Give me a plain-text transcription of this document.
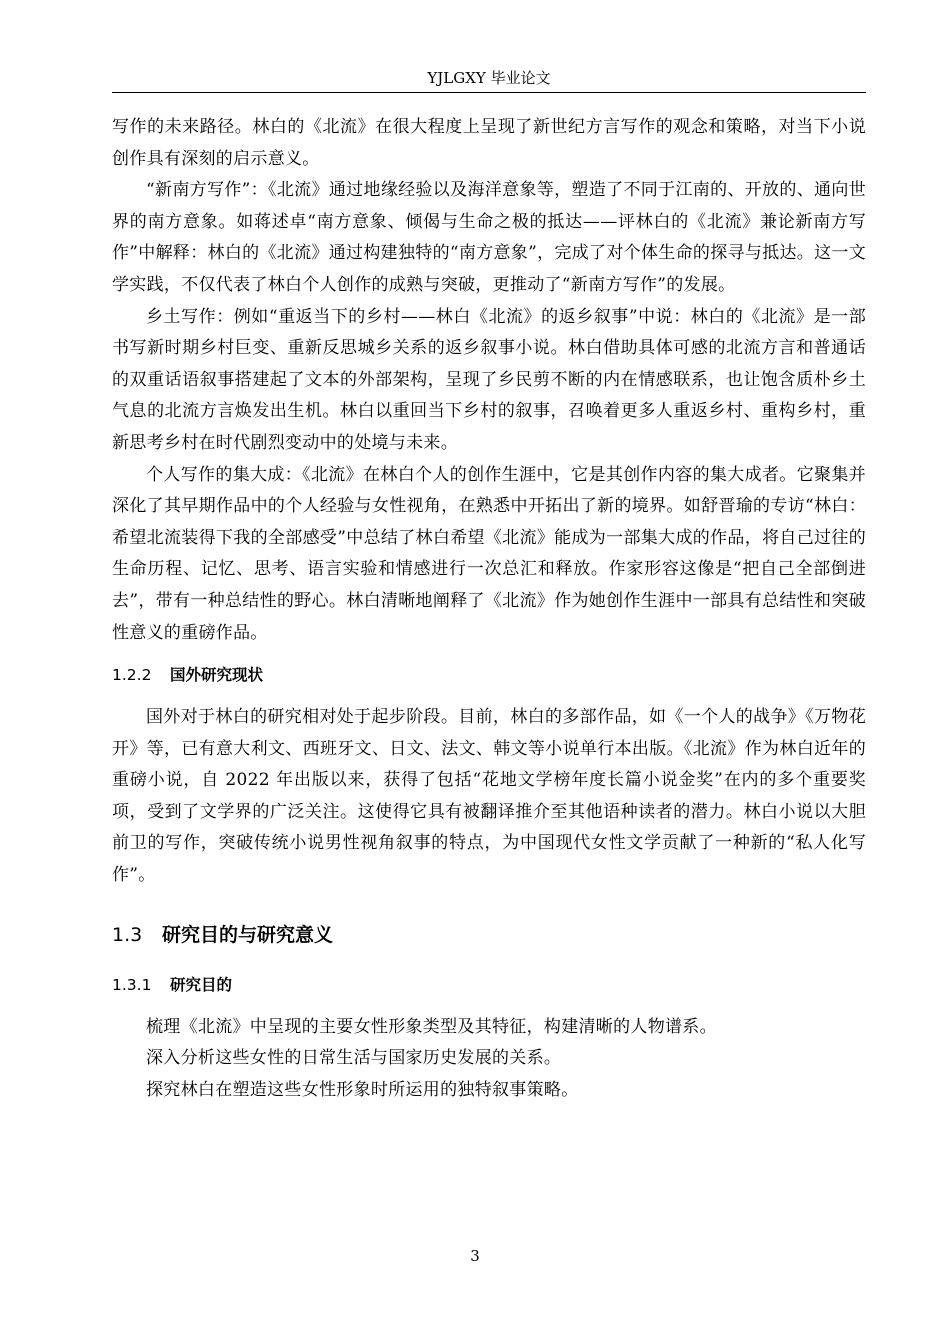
YJLGXY 毕业论文

写作的未来路径。林白的《北流》在很大程度上呈现了新世纪方言写作的观念和策略，对当下小说创作具有深刻的启示意义。

“新南方写作”：《北流》通过地缘经验以及海洋意象等，塑造了不同于江南的、开放的、通向世界的南方意象。如蒋述卓“南方意象、倾偈与生命之极的抵达——评林白的《北流》兼论新南方写作”中解释：林白的《北流》通过构建独特的“南方意象”，完成了对个体生命的探寻与抵达。这一文学实践，不仅代表了林白个人创作的成熟与突破，更推动了“新南方写作”的发展。

乡土写作：例如“重返当下的乡村——林白《北流》的返乡叙事”中说：林白的《北流》是一部书写新时期乡村巨变、重新反思城乡关系的返乡叙事小说。林白借助具体可感的北流方言和普通话的双重话语叙事搭建起了文本的外部架构，呈现了乡民剪不断的内在情感联系，也让饱含质朴乡土气息的北流方言焕发出生机。林白以重回当下乡村的叙事，召唤着更多人重返乡村、重构乡村，重新思考乡村在时代剧烈变动中的处境与未来。

个人写作的集大成：《北流》在林白个人的创作生涯中，它是其创作内容的集大成者。它聚集并深化了其早期作品中的个人经验与女性视角，在熟悉中开拓出了新的境界。如舒晋瑜的专访“林白：希望北流装得下我的全部感受”中总结了林白希望《北流》能成为一部集大成的作品，将自己过往的生命历程、记忆、思考、语言实验和情感进行一次总汇和释放。作家形容这像是“把自己全部倒进去”，带有一种总结性的野心。林白清晰地阐释了《北流》作为她创作生涯中一部具有总结性和突破性意义的重磅作品。

1.2.2 国外研究现状

国外对于林白的研究相对处于起步阶段。目前，林白的多部作品，如《一个人的战争》《万物花开》等，已有意大利文、西班牙文、日文、法文、韩文等小说单行本出版。《北流》作为林白近年的重磅小说，自 2022 年出版以来，获得了包括“花地文学榜年度长篇小说金奖”在内的多个重要奖项，受到了文学界的广泛关注。这使得它具有被翻译推介至其他语种读者的潜力。林白小说以大胆前卫的写作，突破传统小说男性视角叙事的特点，为中国现代女性文学贡献了一种新的“私人化写作”。

1.3 研究目的与研究意义
1.3.1 研究目的

梳理《北流》中呈现的主要女性形象类型及其特征，构建清晰的人物谱系。

深入分析这些女性的日常生活与国家历史发展的关系。

探究林白在塑造这些女性形象时所运用的独特叙事策略。

3
